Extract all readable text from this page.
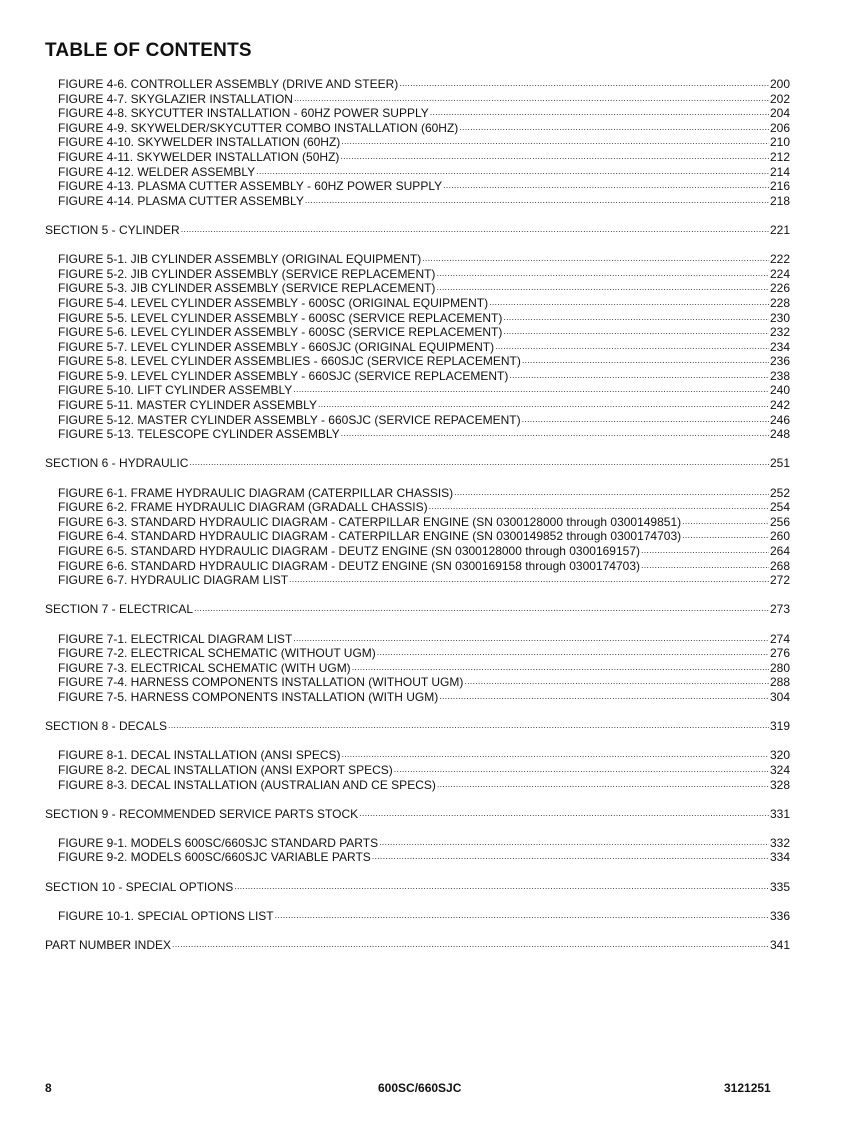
TABLE OF CONTENTS
FIGURE 4-6. CONTROLLER ASSEMBLY (DRIVE AND STEER) .....	200
FIGURE 4-7. SKYGLAZIER INSTALLATION .....	202
FIGURE 4-8. SKYCUTTER INSTALLATION - 60HZ POWER SUPPLY .....	204
FIGURE 4-9. SKYWELDER/SKYCUTTER COMBO INSTALLATION (60HZ) .....	206
FIGURE 4-10. SKYWELDER INSTALLATION (60HZ) .....	210
FIGURE 4-11. SKYWELDER INSTALLATION (50HZ) .....	212
FIGURE 4-12. WELDER ASSEMBLY .....	214
FIGURE 4-13. PLASMA CUTTER ASSEMBLY - 60HZ POWER SUPPLY .....	216
FIGURE 4-14. PLASMA CUTTER ASSEMBLY .....	218
SECTION 5 - CYLINDER .....	221
FIGURE 5-1. JIB CYLINDER ASSEMBLY (ORIGINAL EQUIPMENT) .....	222
FIGURE 5-2. JIB CYLINDER ASSEMBLY (SERVICE REPLACEMENT) .....	224
FIGURE 5-3. JIB CYLINDER ASSEMBLY (SERVICE REPLACEMENT) .....	226
FIGURE 5-4. LEVEL CYLINDER ASSEMBLY - 600SC (ORIGINAL EQUIPMENT) .....	228
FIGURE 5-5. LEVEL CYLINDER ASSEMBLY - 600SC (SERVICE REPLACEMENT) .....	230
FIGURE 5-6. LEVEL CYLINDER ASSEMBLY - 600SC (SERVICE REPLACEMENT) .....	232
FIGURE 5-7. LEVEL CYLINDER ASSEMBLY - 660SJC (ORIGINAL EQUIPMENT) .....	234
FIGURE 5-8. LEVEL CYLINDER ASSEMBLIES - 660SJC (SERVICE REPLACEMENT) .....	236
FIGURE 5-9. LEVEL CYLINDER ASSEMBLY - 660SJC (SERVICE REPLACEMENT) .....	238
FIGURE 5-10. LIFT CYLINDER ASSEMBLY .....	240
FIGURE 5-11. MASTER CYLINDER ASSEMBLY .....	242
FIGURE 5-12. MASTER CYLINDER ASSEMBLY - 660SJC (SERVICE REPACEMENT) .....	246
FIGURE 5-13. TELESCOPE CYLINDER ASSEMBLY .....	248
SECTION 6 - HYDRAULIC .....	251
FIGURE 6-1. FRAME HYDRAULIC DIAGRAM (CATERPILLAR CHASSIS) .....	252
FIGURE 6-2. FRAME HYDRAULIC DIAGRAM (GRADALL CHASSIS) .....	254
FIGURE 6-3. STANDARD HYDRAULIC DIAGRAM - CATERPILLAR ENGINE (SN 0300128000 through 0300149851) .....	256
FIGURE 6-4. STANDARD HYDRAULIC DIAGRAM - CATERPILLAR ENGINE (SN 0300149852 through 0300174703) .....	260
FIGURE 6-5. STANDARD HYDRAULIC DIAGRAM - DEUTZ ENGINE (SN 0300128000 through 0300169157) .....	264
FIGURE 6-6. STANDARD HYDRAULIC DIAGRAM - DEUTZ ENGINE (SN 0300169158 through 0300174703) .....	268
FIGURE 6-7. HYDRAULIC DIAGRAM LIST .....	272
SECTION 7 - ELECTRICAL .....	273
FIGURE 7-1. ELECTRICAL DIAGRAM LIST .....	274
FIGURE 7-2. ELECTRICAL SCHEMATIC (WITHOUT UGM) .....	276
FIGURE 7-3. ELECTRICAL SCHEMATIC (WITH UGM) .....	280
FIGURE 7-4. HARNESS COMPONENTS INSTALLATION (WITHOUT UGM) .....	288
FIGURE 7-5. HARNESS COMPONENTS INSTALLATION (WITH UGM) .....	304
SECTION 8 - DECALS .....	319
FIGURE 8-1. DECAL INSTALLATION (ANSI SPECS) .....	320
FIGURE 8-2. DECAL INSTALLATION (ANSI EXPORT SPECS) .....	324
FIGURE 8-3. DECAL INSTALLATION (AUSTRALIAN AND CE SPECS) .....	328
SECTION 9 - RECOMMENDED SERVICE PARTS STOCK .....	331
FIGURE 9-1. MODELS 600SC/660SJC STANDARD PARTS .....	332
FIGURE 9-2. MODELS 600SC/660SJC VARIABLE PARTS .....	334
SECTION 10 - SPECIAL OPTIONS .....	335
FIGURE 10-1. SPECIAL OPTIONS LIST .....	336
PART NUMBER INDEX .....	341
8	600SC/660SJC	3121251
